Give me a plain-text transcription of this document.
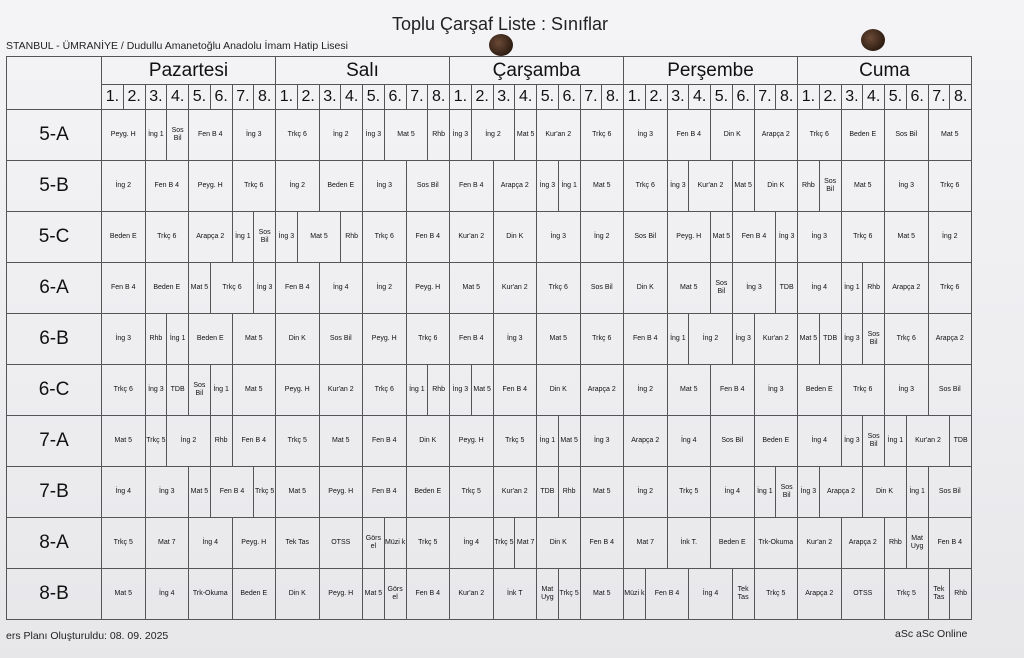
Toplu Çarşaf Liste : Sınıflar
STANBUL - ÜMRANİYE / Dudullu Amanetoğlu Anadolu İmam Hatip Lisesi
	Pazartesi								Salı								Çarşamba								Perşembe								Cuma							
	1.	2.	3.	4.	5.	6.	7.	8.	1.	2.	3.	4.	5.	6.	7.	8.	1.	2.	3.	4.	5.	6.	7.	8.	1.	2.	3.	4.	5.	6.	7.	8.	1.	2.	3.	4.	5.	6.	7.	8.
5-A	Peyg. H		İng 1	Sos Bil	Fen B 4		İng 3		Trkç 6		İng 2		İng 3	Mat 5		Rhb	İng 3	İng 2		Mat 5	Kur'an 2		Trkç 6		İng 3		Fen B 4		Din K		Arapça 2		Trkç 6		Beden E		Sos Bil		Mat 5	

5-B	İng 2		Fen B 4		Peyg. H		Trkç 6		İng 2		Beden E		İng 3		Sos Bil		Fen B 4		Arapça 2		İng 3	İng 1	Mat 5		Trkç 6		İng 3	Kur'an 2		Mat 5	Din K		Rhb	Sos Bil	Mat 5		İng 3		Trkç 6	

5-C	Beden E		Trkç 6		Arapça 2		İng 1	Sos Bil	İng 3	Mat 5		Rhb	Trkç 6		Fen B 4		Kur'an 2		Din K		İng 3		İng 2		Sos Bil		Peyg. H		Mat 5	Fen B 4		İng 3	İng 3		Trkç 6		Mat 5		İng 2	

6-A	Fen B 4		Beden E		Mat 5	Trkç 6		İng 3	Fen B 4		İng 4		İng 2		Peyg. H		Mat 5		Kur'an 2		Trkç 6		Sos Bil		Din K		Mat 5		Sos Bil	İng 3		TDB	İng 4		İng 1	Rhb	Arapça 2		Trkç 6	

6-B	İng 3		Rhb	İng 1	Beden E		Mat 5		Din K		Sos Bil		Peyg. H		Trkç 6		Fen B 4		İng 3		Mat 5		Trkç 6		Fen B 4		İng 1	İng 2		İng 3	Kur'an 2		Mat 5	TDB	İng 3	Sos Bil	Trkç 6		Arapça 2	

6-C	Trkç 6		İng 3	TDB	Sos Bil	İng 1	Mat 5		Peyg. H		Kur'an 2		Trkç 6		İng 1	Rhb	İng 3	Mat 5	Fen B 4		Din K		Arapça 2		İng 2		Mat 5		Fen B 4		İng 3		Beden E		Trkç 6		İng 3		Sos Bil	

7-A	Mat 5		Trkç 5	İng 2		Rhb	Fen B 4		Trkç 5		Mat 5		Fen B 4		Din K		Peyg. H		Trkç 5		İng 1	Mat 5	İng 3		Arapça 2		İng 4		Sos Bil		Beden E		İng 4		İng 3	Sos Bil	İng 1	Kur'an 2		TDB

7-B	İng 4		İng 3		Mat 5	Fen B 4		Trkç 5	Mat 5		Peyg. H		Fen B 4		Beden E		Trkç 5		Kur'an 2		TDB	Rhb	Mat 5		İng 2		Trkç 5		İng 4		İng 1	Sos Bil	İng 3	Arapça 2		Din K		İng 1	Sos Bil	

8-A	Trkç 5		Mat 7		İng 4		Peyg. H		Tek Tas		OTSS		Görs el	Müzi k	Trkç 5		İng 4		Trkç 5	Mat 7	Din K		Fen B 4		Mat 7		İnk T.		Beden E		Trk-Okuma		Kur'an 2		Arapça 2		Rhb	Mat Uyg	Fen B 4	

8-B	Mat 5		İng 4		Trk-Okuma		Beden E		Din K		Peyg. H		Mat 5	Görs el	Fen B 4		Kur'an 2		İnk T		Mat Uyg	Trkç 5	Mat 5		Müzi k	Fen B 4		İng 4		Tek Tas	Trkç 5		Arapça 2		OTSS		Trkç 5		Tek Tas	Rhb
ers Planı Oluşturuldu: 08. 09. 2025	aSc aSc Online
